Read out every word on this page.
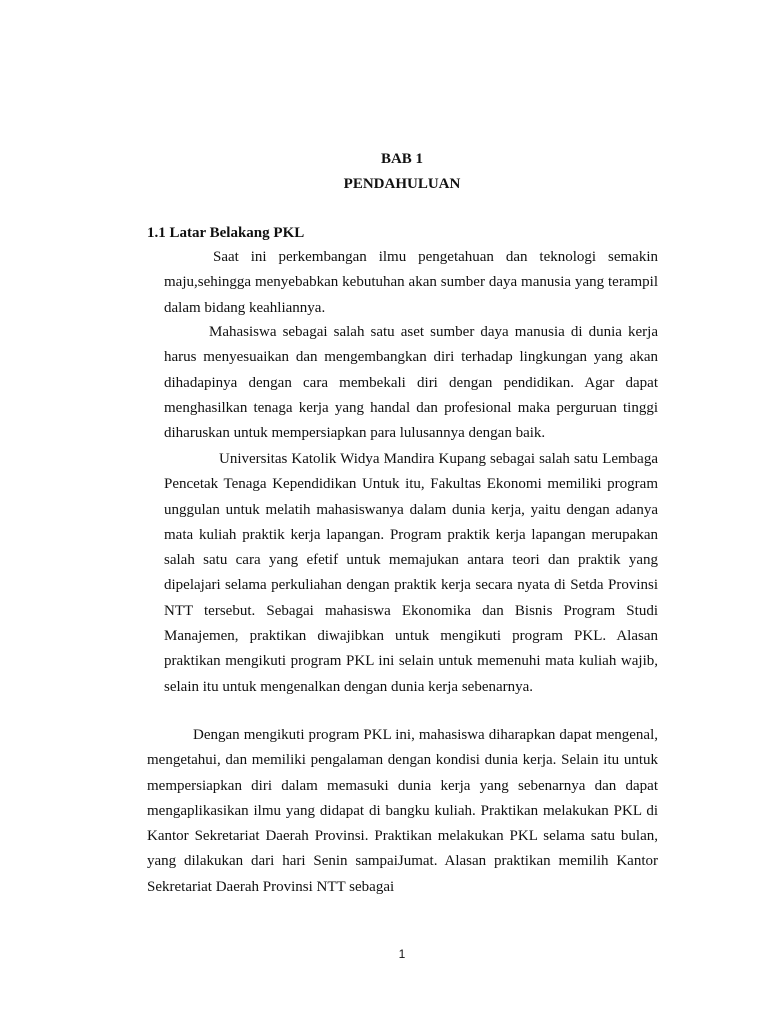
BAB 1
PENDAHULUAN
1.1 Latar Belakang PKL

Saat ini perkembangan ilmu pengetahuan dan teknologi semakin maju,sehingga menyebabkan kebutuhan akan sumber daya manusia yang terampil dalam bidang keahliannya.

Mahasiswa sebagai salah satu aset sumber daya manusia di dunia kerja harus menyesuaikan dan mengembangkan diri terhadap lingkungan yang akan dihadapinya dengan cara membekali diri dengan pendidikan. Agar dapat menghasilkan tenaga kerja yang handal dan profesional maka perguruan tinggi diharuskan untuk mempersiapkan para lulusannya dengan baik.

Universitas Katolik Widya Mandira Kupang sebagai salah satu Lembaga Pencetak Tenaga Kependidikan Untuk itu, Fakultas Ekonomi memiliki program unggulan untuk melatih mahasiswanya dalam dunia kerja, yaitu dengan adanya mata kuliah praktik kerja lapangan. Program praktik kerja lapangan merupakan salah satu cara yang efetif untuk memajukan antara teori dan praktik yang dipelajari selama perkuliahan dengan praktik kerja secara nyata di Setda Provinsi NTT tersebut. Sebagai mahasiswa Ekonomika dan Bisnis Program Studi Manajemen, praktikan diwajibkan untuk mengikuti program PKL. Alasan praktikan mengikuti program PKL ini selain untuk memenuhi mata kuliah wajib, selain itu untuk mengenalkan dengan dunia kerja sebenarnya.

Dengan mengikuti program PKL ini, mahasiswa diharapkan dapat mengenal, mengetahui, dan memiliki pengalaman dengan kondisi dunia kerja. Selain itu untuk mempersiapkan diri dalam memasuki dunia kerja yang sebenarnya dan dapat mengaplikasikan ilmu yang didapat di bangku kuliah. Praktikan melakukan PKL di Kantor Sekretariat Daerah Provinsi. Praktikan melakukan PKL selama satu bulan, yang dilakukan dari hari Senin sampaiJumat. Alasan praktikan memilih Kantor Sekretariat Daerah Provinsi NTT sebagai

1
